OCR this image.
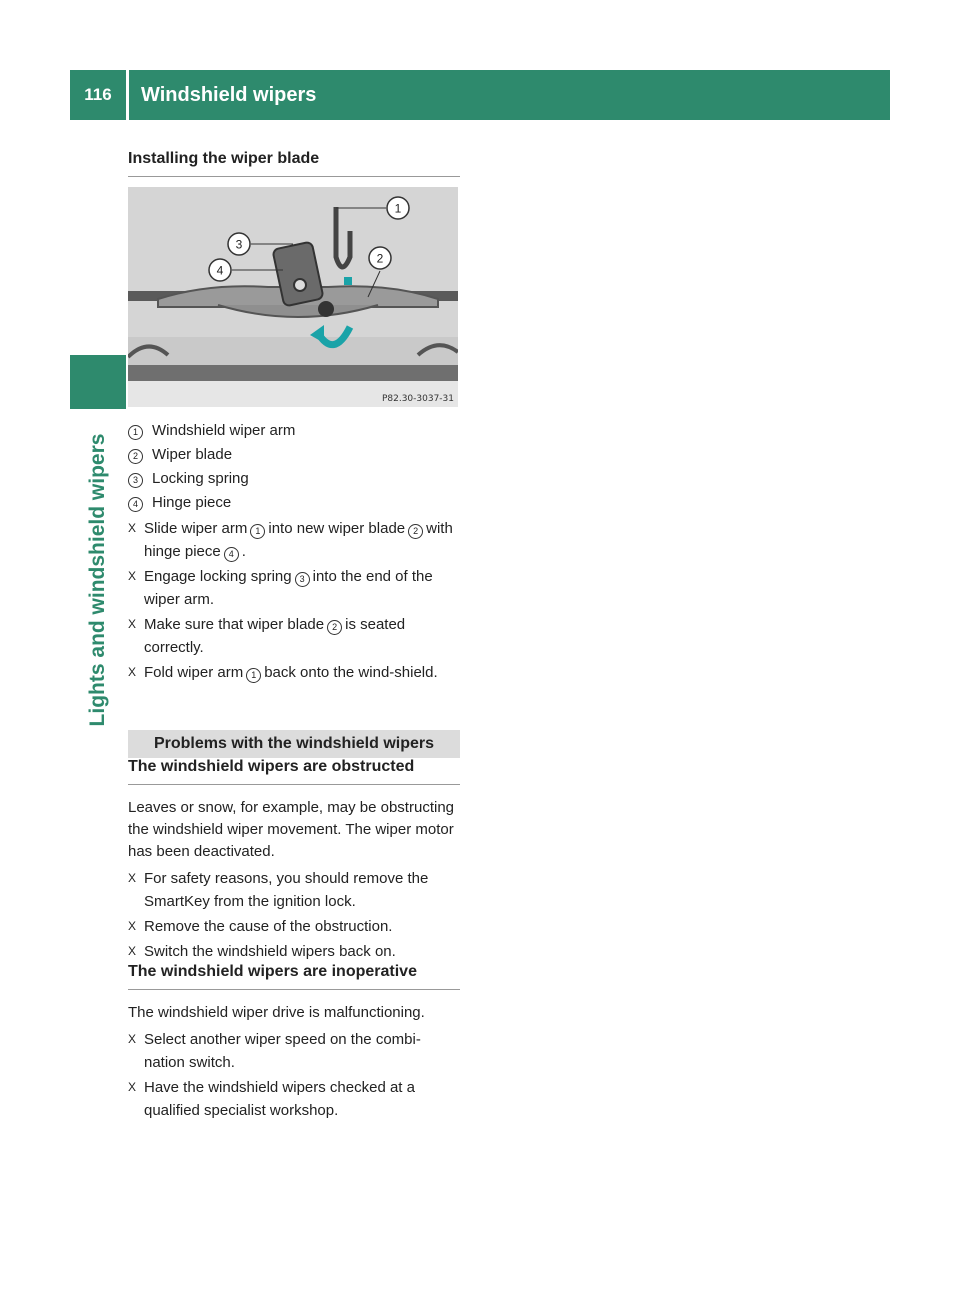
116	Windshield wipers
Lights and windshield wipers
Installing the wiper blade
1
2
3
4
P82.30-3037-31
1 Windshield wiper arm
2 Wiper blade
3 Locking spring
4 Hinge piece
X Slide wiper arm 1 into new wiper blade 2 with hinge piece 4 .
X Engage locking spring 3 into the end of the wiper arm.
X Make sure that wiper blade 2 is seated correctly.
X Fold wiper arm 1 back onto the wind-shield.
Problems with the windshield wipers
The windshield wipers are obstructed

Leaves or snow, for example, may be obstructing the windshield wiper movement. The wiper motor has been deactivated.

X For safety reasons, you should remove the SmartKey from the ignition lock.
X Remove the cause of the obstruction.
X Switch the windshield wipers back on.
The windshield wipers are inoperative

The windshield wiper drive is malfunctioning.

X Select another wiper speed on the combi-nation switch.
X Have the windshield wipers checked at a qualified specialist workshop.
